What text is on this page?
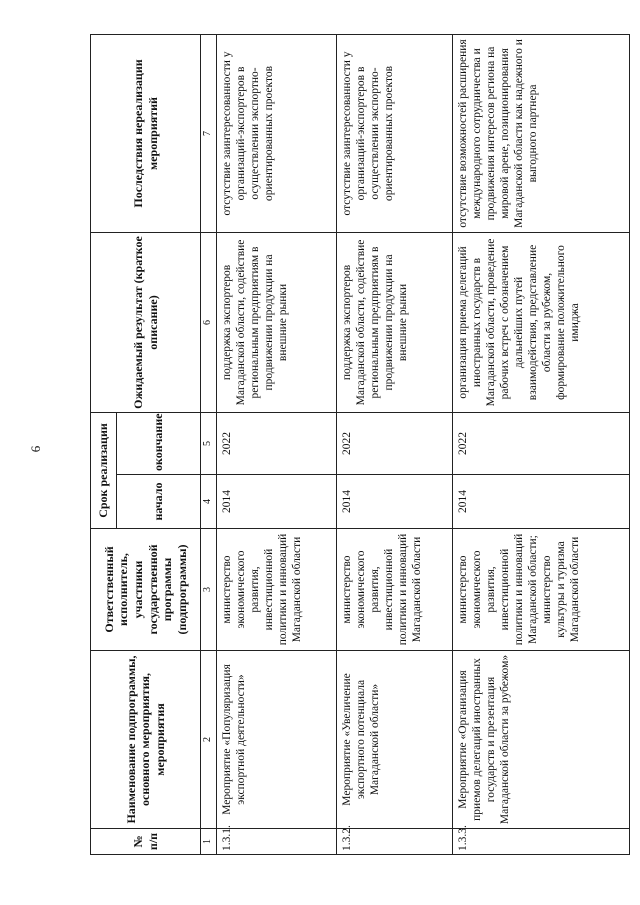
6
№ п/п	Наименование подпрограммы, основного мероприятия, мероприятия	Ответственный исполнитель, участники государственной программы (подпрограммы)	Срок реализации		Ожидаемый результат (краткое описание)	Последствия нереализации мероприятий
			начало	окончание		
1	2	3	4	5	6	7
1.3.1.	Мероприятие «Популяризация экспортной деятельности»	министерство экономического развития, инвестиционной политики и инноваций Магаданской области	2014	2022	поддержка экспортеров Магаданской области, содействие региональным предприятиям в продвижении продукции на внешние рынки	отсутствие заинтересованности у организаций-экспортеров в осуществлении экспортно-ориентированных проектов
1.3.2.	Мероприятие «Увеличение экспортного потенциала Магаданской области»	министерство экономического развития, инвестиционной политики и инноваций Магаданской области	2014	2022	поддержка экспортеров Магаданской области, содействие региональным предприятиям в продвижении продукции на внешние рынки	отсутствие заинтересованности у организаций-экспортеров в осуществлении экспортно-ориентированных проектов
1.3.3.	Мероприятие «Организация приемов делегаций иностранных государств и презентация Магаданской области за рубежом»	министерство экономического развития, инвестиционной политики и инноваций Магаданской области; министерство культуры и туризма Магаданской области	2014	2022	организация приема делегаций иностранных государств в Магаданской области, проведение рабочих встреч с обозначением дальнейших путей взаимодействия, представление области за рубежом, формирование положительного имиджа	отсутствие возможностей расширения международного сотрудничества и продвижения интересов региона на мировой арене, позиционирования Магаданской области как надежного и выгодного партнера
